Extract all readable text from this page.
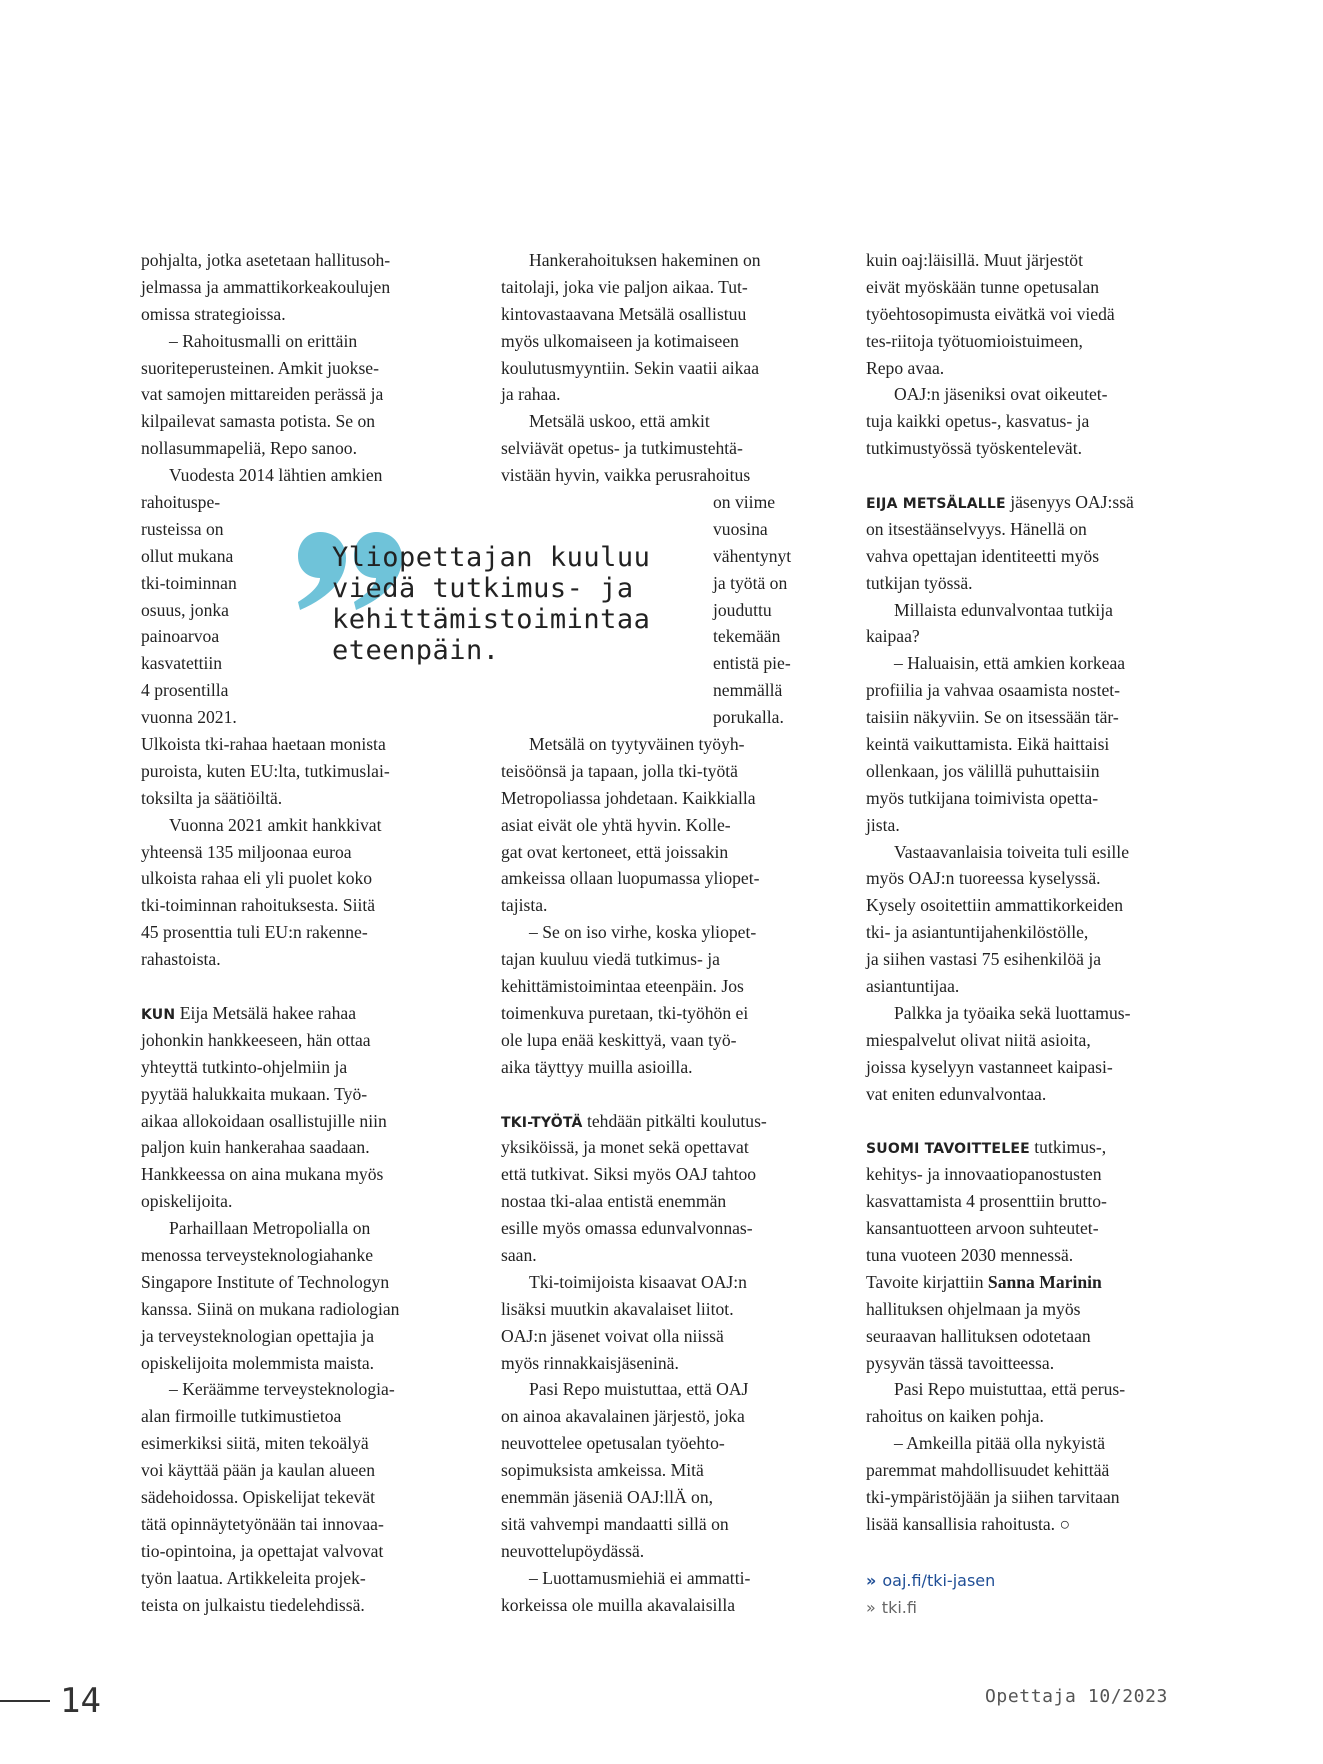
pohjalta, jotka asetetaan hallitusoh-
jelmassa ja ammattikorkeakoulujen
omissa strategioissa.
– Rahoitusmalli on erittäin
suoriteperusteinen. Amkit juokse-
vat samojen mittareiden perässä ja
kilpailevat samasta potista. Se on
nollasummapeliä, Repo sanoo.
Vuodesta 2014 lähtien amkien
rahoituspe-
rusteissa on
ollut mukana
tki-toiminnan
osuus, jonka
painoarvoa
kasvatettiin
4 prosentilla
vuonna 2021.
Ulkoista tki-rahaa haetaan monista
puroista, kuten EU:lta, tutkimuslai-
toksilta ja säätiöiltä.
Vuonna 2021 amkit hankkivat
yhteensä 135 miljoonaa euroa
ulkoista rahaa eli yli puolet koko
tki-toiminnan rahoituksesta. Siitä
45 prosenttia tuli EU:n rakenne-
rahastoista.
KUN Eija Metsälä hakee rahaa
johonkin hankkeeseen, hän ottaa
yhteyttä tutkinto-ohjelmiin ja
pyytää halukkaita mukaan. Työ-
aikaa allokoidaan osallistujille niin
paljon kuin hankerahaa saadaan.
Hankkeessa on aina mukana myös
opiskelijoita.
Parhaillaan Metropolialla on
menossa terveysteknologiahanke
Singapore Institute of Technologyn
kanssa. Siinä on mukana radiologian
ja terveysteknologian opettajia ja
opiskelijoita molemmista maista.
– Keräämme terveysteknologia-
alan firmoille tutkimustietoa
esimerkiksi siitä, miten tekoälyä
voi käyttää pään ja kaulan alueen
sädehoidossa. Opiskelijat tekevät
tätä opinnäytetyönään tai innovaa-
tio-opintoina, ja opettajat valvovat
työn laatua. Artikkeleita projek-
teista on julkaistu tiedelehdissä.
Hankerahoituksen hakeminen on
taitolaji, joka vie paljon aikaa. Tut-
kintovastaavana Metsälä osallistuu
myös ulkomaiseen ja kotimaiseen
koulutusmyyntiin. Sekin vaatii aikaa
ja rahaa.
Metsälä uskoo, että amkit
selviävät opetus- ja tutkimustehtä-
vistään hyvin, vaikka perusrahoitus
on viime
vuosina
vähentynyt
ja työtä on
jouduttu
tekemään
entistä pie-
nemmällä
porukalla.
Metsälä on tyytyväinen työyh-
teisöönsä ja tapaan, jolla tki-työtä
Metropoliassa johdetaan. Kaikkialla
asiat eivät ole yhtä hyvin. Kolle-
gat ovat kertoneet, että joissakin
amkeissa ollaan luopumassa yliopet-
tajista.
– Se on iso virhe, koska yliopet-
tajan kuuluu viedä tutkimus- ja
kehittämistoimintaa eteenpäin. Jos
toimenkuva puretaan, tki-työhön ei
ole lupa enää keskittyä, vaan työ-
aika täyttyy muilla asioilla.
TKI-TYÖTÄ tehdään pitkälti koulutus-
yksiköissä, ja monet sekä opettavat
että tutkivat. Siksi myös OAJ tahtoo
nostaa tki-alaa entistä enemmän
esille myös omassa edunvalvonnas-
saan.
Tki-toimijoista kisaavat OAJ:n
lisäksi muutkin akavalaiset liitot.
OAJ:n jäsenet voivat olla niissä
myös rinnakkaisjäseninä.
Pasi Repo muistuttaa, että OAJ
on ainoa akavalainen järjestö, joka
neuvottelee opetusalan työehto-
sopimuksista amkeissa. Mitä
enemmän jäseniä OAJ:llÄ on,
sitä vahvempi mandaatti sillä on
neuvottelupöydässä.
– Luottamusmiehiä ei ammatti-
korkeissa ole muilla akavalaisilla
kuin oaj:läisillä. Muut järjestöt
eivät myöskään tunne opetusalan
työehtosopimusta eivätkä voi viedä
tes-riitoja työtuomioistuimeen,
Repo avaa.
OAJ:n jäseniksi ovat oikeutet-
tuja kaikki opetus-, kasvatus- ja
tutkimustyössä työskentelevät.
EIJA METSÄLALLE jäsenyys OAJ:ssä
on itsestäänselvyys. Hänellä on
vahva opettajan identiteetti myös
tutkijan työssä.
Millaista edunvalvontaa tutkija
kaipaa?
– Haluaisin, että amkien korkeaa
profiilia ja vahvaa osaamista nostet-
taisiin näkyviin. Se on itsessään tär-
keintä vaikuttamista. Eikä haittaisi
ollenkaan, jos välillä puhuttaisiin
myös tutkijana toimivista opetta-
jista.
Vastaavanlaisia toiveita tuli esille
myös OAJ:n tuoreessa kyselyssä.
Kysely osoitettiin ammattikorkeiden
tki- ja asiantuntijahenkilöstölle,
ja siihen vastasi 75 esihenkilöä ja
asiantuntijaa.
Palkka ja työaika sekä luottamus-
miespalvelut olivat niitä asioita,
joissa kyselyyn vastanneet kaipasi-
vat eniten edunvalvontaa.
SUOMI TAVOITTELEE tutkimus-,
kehitys- ja innovaatiopanostusten
kasvattamista 4 prosenttiin brutto-
kansantuotteen arvoon suhteutet-
tuna vuoteen 2030 mennessä.
Tavoite kirjattiin Sanna Marinin
hallituksen ohjelmaan ja myös
seuraavan hallituksen odotetaan
pysyvän tässä tavoitteessa.
Pasi Repo muistuttaa, että perus-
rahoitus on kaiken pohja.
– Amkeilla pitää olla nykyistä
paremmat mahdollisuudet kehittää
tki-ympäristöjään ja siihen tarvitaan
lisää kansallisia rahoitusta. ○
Yliopettajan kuuluu
viedä tutkimus- ja
kehittämistoimintaa
eteenpäin.
» oaj.fi/tki-jasen
» tki.fi
14	Opettaja 10/2023
